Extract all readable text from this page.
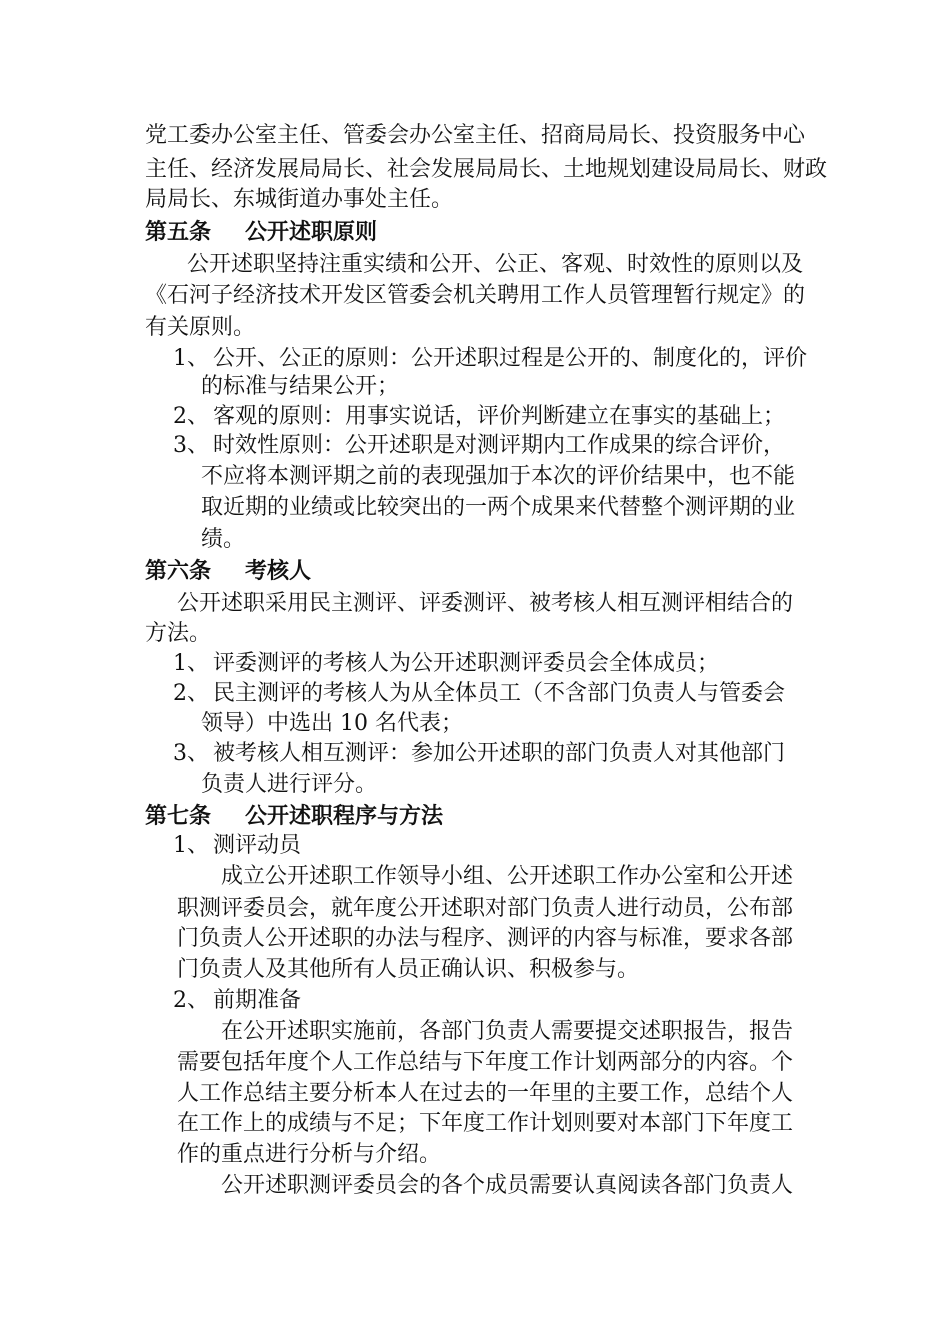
党工委办公室主任、管委会办公室主任、招商局局长、投资服务中心
主任、经济发展局局长、社会发展局局长、土地规划建设局局长、财政
局局长、东城街道办事处主任。
第五条 公开述职原则
公开述职坚持注重实绩和公开、公正、客观、时效性的原则以及
《石河子经济技术开发区管委会机关聘用工作人员管理暂行规定》的
有关原则。
1、 公开、公正的原则：公开述职过程是公开的、制度化的，评价
的标准与结果公开；
2、 客观的原则：用事实说话，评价判断建立在事实的基础上；
3、 时效性原则：公开述职是对测评期内工作成果的综合评价，
不应将本测评期之前的表现强加于本次的评价结果中，也不能
取近期的业绩或比较突出的一两个成果来代替整个测评期的业
绩。
第六条 考核人
公开述职采用民主测评、评委测评、被考核人相互测评相结合的
方法。
1、 评委测评的考核人为公开述职测评委员会全体成员；
2、 民主测评的考核人为从全体员工（不含部门负责人与管委会
领导）中选出 10 名代表；
3、 被考核人相互测评：参加公开述职的部门负责人对其他部门
负责人进行评分。
第七条 公开述职程序与方法
1、 测评动员
成立公开述职工作领导小组、公开述职工作办公室和公开述
职测评委员会，就年度公开述职对部门负责人进行动员，公布部
门负责人公开述职的办法与程序、测评的内容与标准，要求各部
门负责人及其他所有人员正确认识、积极参与。
2、 前期准备
在公开述职实施前，各部门负责人需要提交述职报告，报告
需要包括年度个人工作总结与下年度工作计划两部分的内容。个
人工作总结主要分析本人在过去的一年里的主要工作，总结个人
在工作上的成绩与不足；下年度工作计划则要对本部门下年度工
作的重点进行分析与介绍。
公开述职测评委员会的各个成员需要认真阅读各部门负责人
